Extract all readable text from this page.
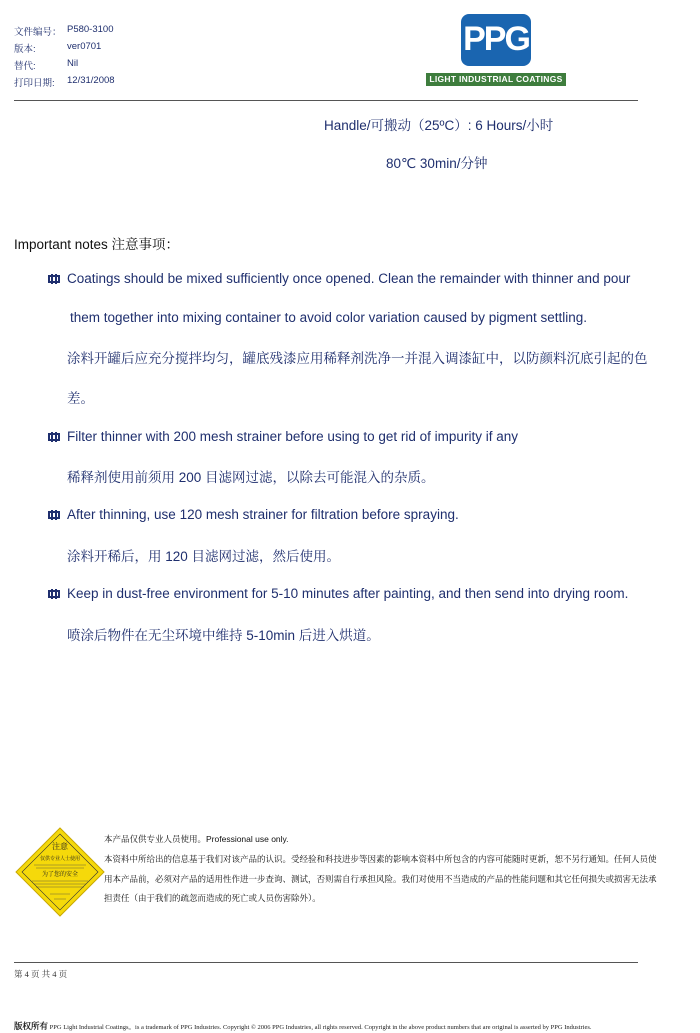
文件编号： P580-3100
版本:	ver0701
替代:	Nil
打印日期:	12/31/2008
PPG
LIGHT INDUSTRIAL COATINGS
Handle/可搬动（25ºC）: 6 Hours/小时
80℃ 30min/分钟
Important notes 注意事项：
Coatings should be mixed sufficiently once opened. Clean the remainder with thinner and pour
them together into mixing container to avoid color variation caused by pigment settling.
涂料开罐后应充分搅拌均匀，罐底残漆应用稀释剂洗净一并混入调漆缸中，以防颜料沉底引起的色
差。
Filter thinner with 200 mesh strainer before using to get rid of impurity if any
稀释剂使用前须用 200 目滤网过滤，以除去可能混入的杂质。
After thinning, use 120 mesh strainer for filtration before spraying.
涂料开稀后，用 120 目滤网过滤，然后使用。
Keep in dust-free environment for 5-10 minutes after painting, and then send into drying room.
喷涂后物件在无尘环境中维持 5-10min 后进入烘道。
注意
仅供专业人士使用
为了您的安全
本产品仅供专业人员使用。Professional use only.
本资料中所给出的信息基于我们对该产品的认识。受经验和科技进步等因素的影响本资料中所包含的内容可能随时更新，恕不另行通知。任何人员使
用本产品前，必须对产品的适用性作进一步查询、测试，否则需自行承担风险。我们对使用不当造成的产品的性能问题和其它任何损失或损害无法承
担责任（由于我们的疏忽而造成的死亡或人员伤害除外）。
第 4 页 共 4 页
版权所有 PPG Light Industrial Coatings。is a trademark of PPG Industries. Copyright © 2006 PPG Industries, all rights reserved. Copyright in the above product numbers that are original is asserted by PPG Industries.
